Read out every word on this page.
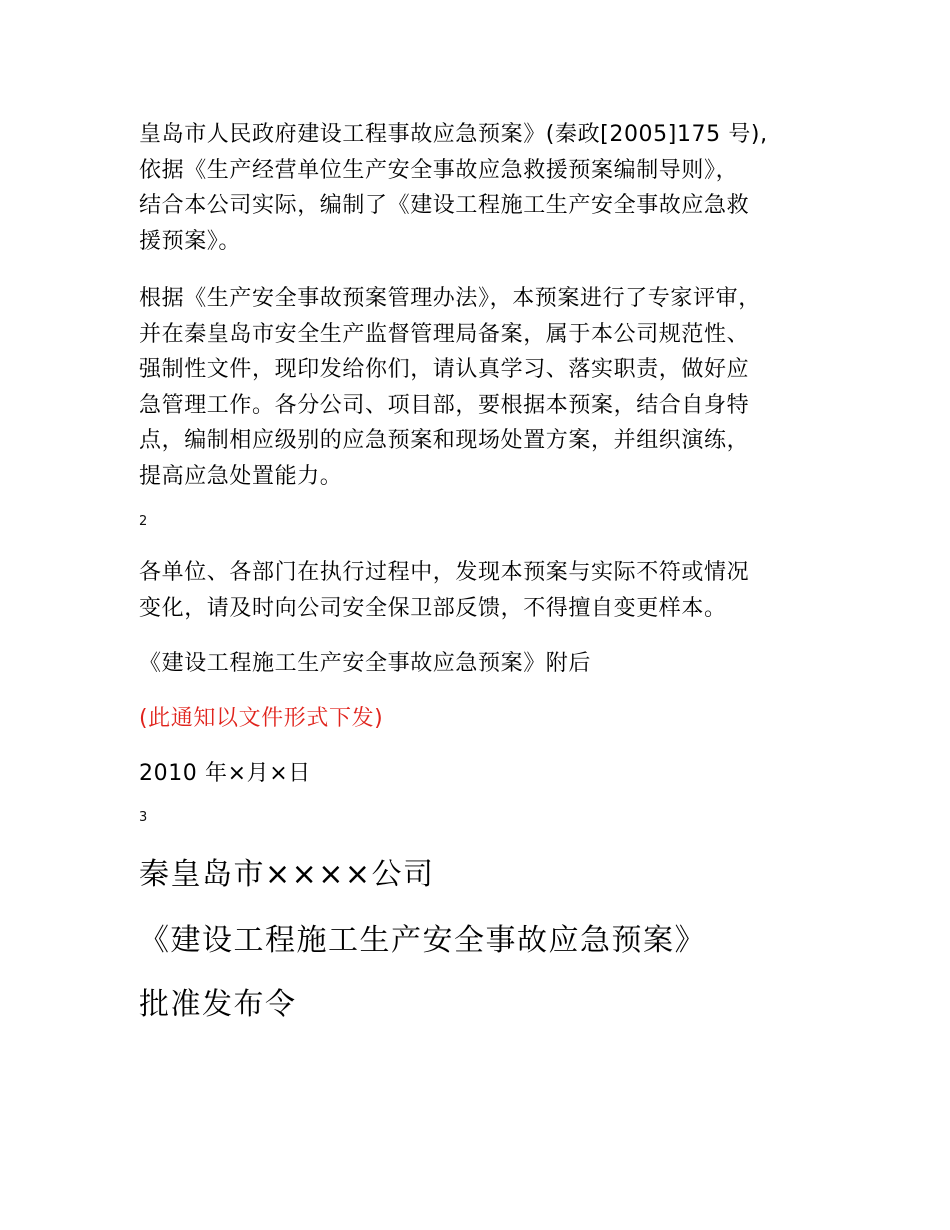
皇岛市人民政府建设工程事故应急预案》(秦政[2005]175 号),
依据《生产经营单位生产安全事故应急救援预案编制导则》，
结合本公司实际，编制了《建设工程施工生产安全事故应急救
援预案》。

根据《生产安全事故预案管理办法》，本预案进行了专家评审，
并在秦皇岛市安全生产监督管理局备案，属于本公司规范性、
强制性文件，现印发给你们，请认真学习、落实职责，做好应
急管理工作。各分公司、项目部，要根据本预案，结合自身特
点，编制相应级别的应急预案和现场处置方案，并组织演练，
提高应急处置能力。

2

各单位、各部门在执行过程中，发现本预案与实际不符或情况
变化，请及时向公司安全保卫部反馈，不得擅自变更样本。

《建设工程施工生产安全事故应急预案》附后

(此通知以文件形式下发)

2010 年×月×日

3

秦皇岛市××××公司
《建设工程施工生产安全事故应急预案》
批准发布令
